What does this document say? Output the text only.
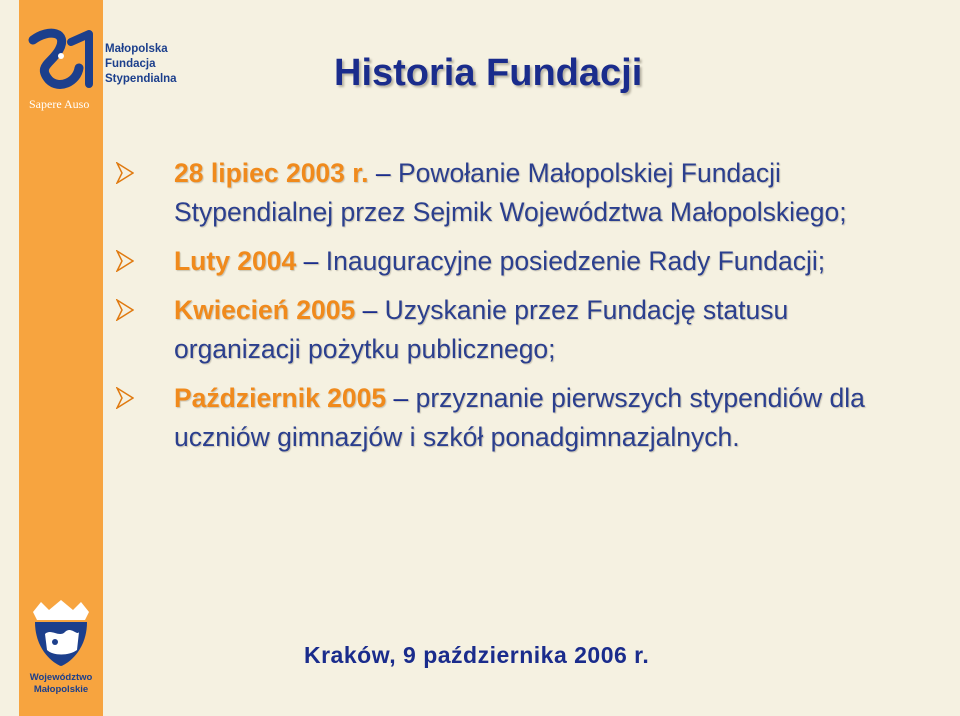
Sapere Auso
Małopolska
Fundacja
Stypendialna	Historia Fundacji
28 lipiec 2003 r. – Powołanie Małopolskiej Fundacji Stypendialnej przez Sejmik Województwa Małopolskiego;
Luty 2004 – Inauguracyjne posiedzenie Rady Fundacji;
Kwiecień 2005 – Uzyskanie przez Fundację statusu organizacji pożytku publicznego;
Październik 2005 – przyznanie pierwszych stypendiów dla uczniów gimnazjów i szkół ponadgimnazjalnych.
Kraków, 9 października 2006 r.
Województwo
Małopolskie
